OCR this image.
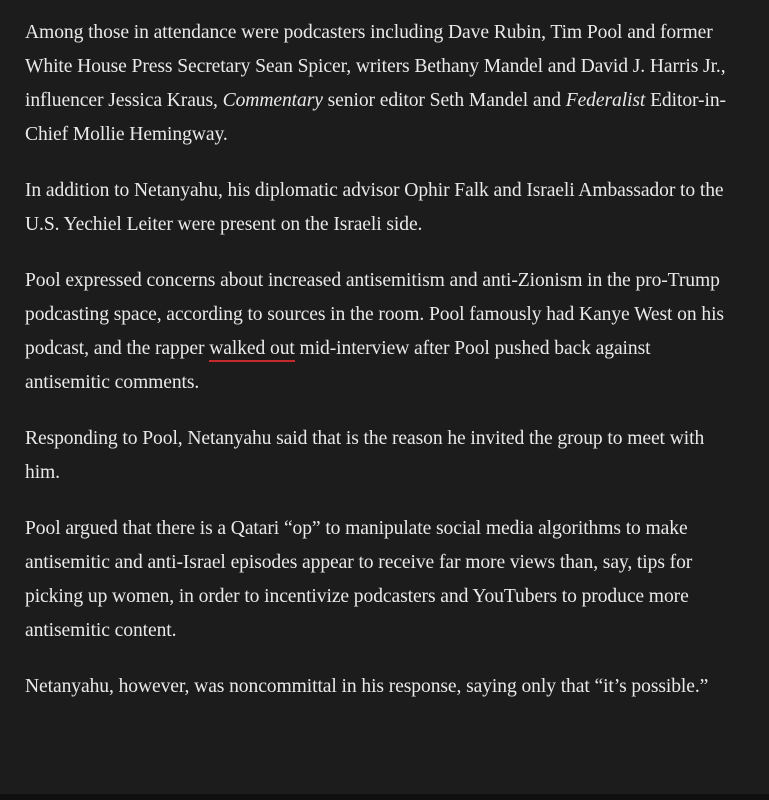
Among those in attendance were podcasters including Dave Rubin, Tim Pool and former White House Press Secretary Sean Spicer, writers Bethany Mandel and David J. Harris Jr., influencer Jessica Kraus, Commentary senior editor Seth Mandel and Federalist Editor-in-Chief Mollie Hemingway.

In addition to Netanyahu, his diplomatic advisor Ophir Falk and Israeli Ambassador to the U.S. Yechiel Leiter were present on the Israeli side.

Pool expressed concerns about increased antisemitism and anti-Zionism in the pro-Trump podcasting space, according to sources in the room. Pool famously had Kanye West on his podcast, and the rapper walked out mid-interview after Pool pushed back against antisemitic comments.

Responding to Pool, Netanyahu said that is the reason he invited the group to meet with him.

Pool argued that there is a Qatari “op” to manipulate social media algorithms to make antisemitic and anti-Israel episodes appear to receive far more views than, say, tips for picking up women, in order to incentivize podcasters and YouTubers to produce more antisemitic content.

Netanyahu, however, was noncommittal in his response, saying only that “it’s possible.”
